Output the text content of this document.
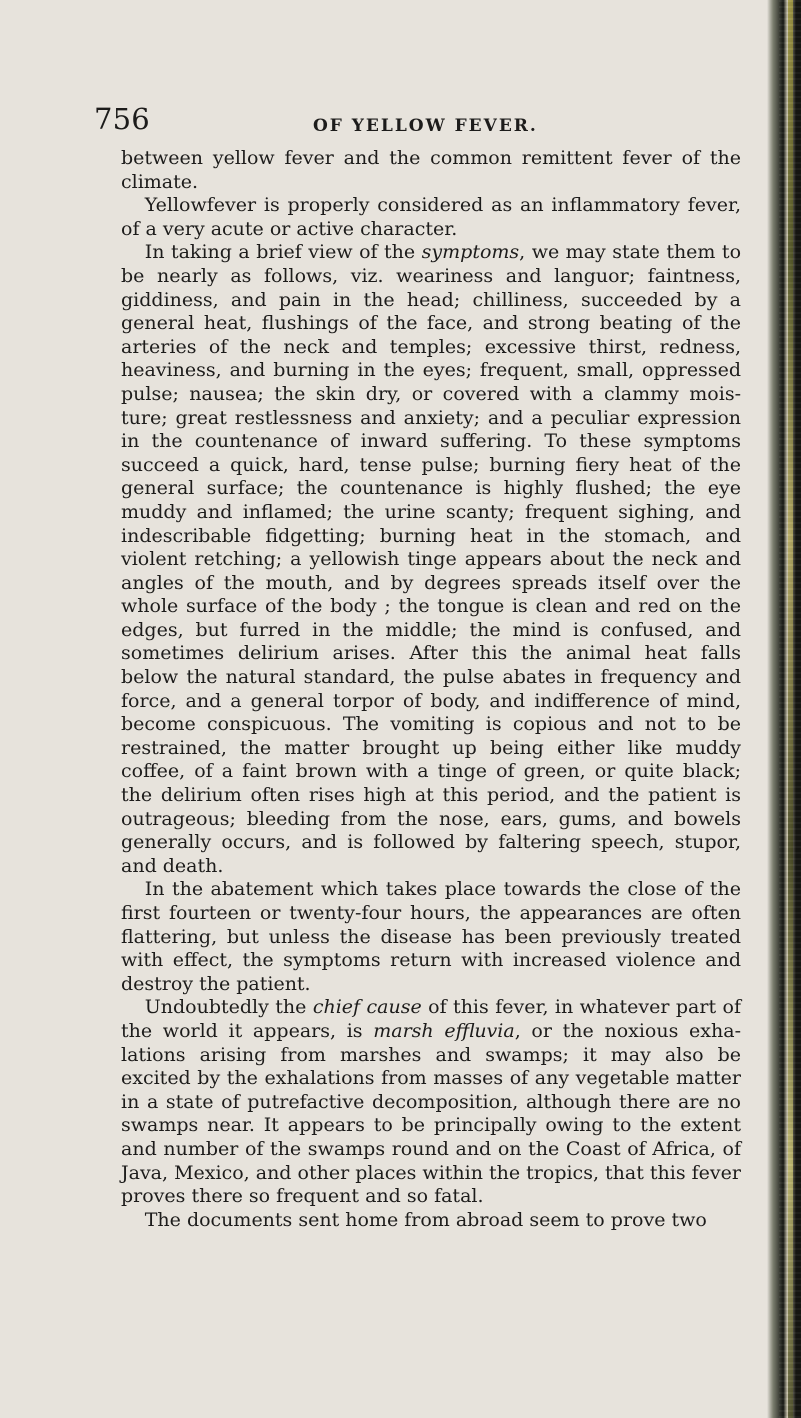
756	OF YELLOW FEVER.

between yellow fever and the common remittent fever of the climate.

Yellowfever is properly considered as an inflammatory fever, of a very acute or active character.

In taking a brief view of the symptoms, we may state them to be nearly as follows, viz. weariness and languor; faintness, giddiness, and pain in the head; chilliness, succeeded by a general heat, flushings of the face, and strong beating of the arteries of the neck and temples; excessive thirst, redness, heaviness, and burning in the eyes; frequent, small, oppressed pulse; nausea; the skin dry, or covered with a clammy mois- ture; great restlessness and anxiety; and a peculiar expression in the countenance of inward suffering. To these symptoms succeed a quick, hard, tense pulse; burning fiery heat of the general surface; the countenance is highly flushed; the eye muddy and inflamed; the urine scanty; frequent sighing, and indescribable fidgetting; burning heat in the stomach, and violent retching; a yellowish tinge appears about the neck and angles of the mouth, and by degrees spreads itself over the whole surface of the body ; the tongue is clean and red on the edges, but furred in the middle; the mind is confused, and sometimes delirium arises. After this the animal heat falls below the natural standard, the pulse abates in frequency and force, and a general torpor of body, and indifference of mind, become conspicuous. The vomiting is copious and not to be restrained, the matter brought up being either like muddy coffee, of a faint brown with a tinge of green, or quite black; the delirium often rises high at this period, and the patient is outrageous; bleeding from the nose, ears, gums, and bowels generally occurs, and is followed by faltering speech, stupor, and death.

In the abatement which takes place towards the close of the first fourteen or twenty-four hours, the appearances are often flattering, but unless the disease has been previously treated with effect, the symptoms return with increased violence and destroy the patient.

Undoubtedly the chief cause of this fever, in whatever part of the world it appears, is marsh effluvia, or the noxious exha- lations arising from marshes and swamps; it may also be excited by the exhalations from masses of any vegetable matter in a state of putrefactive decomposition, although there are no swamps near. It appears to be principally owing to the extent and number of the swamps round and on the Coast of Africa, of Java, Mexico, and other places within the tropics, that this fever proves there so frequent and so fatal.

The documents sent home from abroad seem to prove two
